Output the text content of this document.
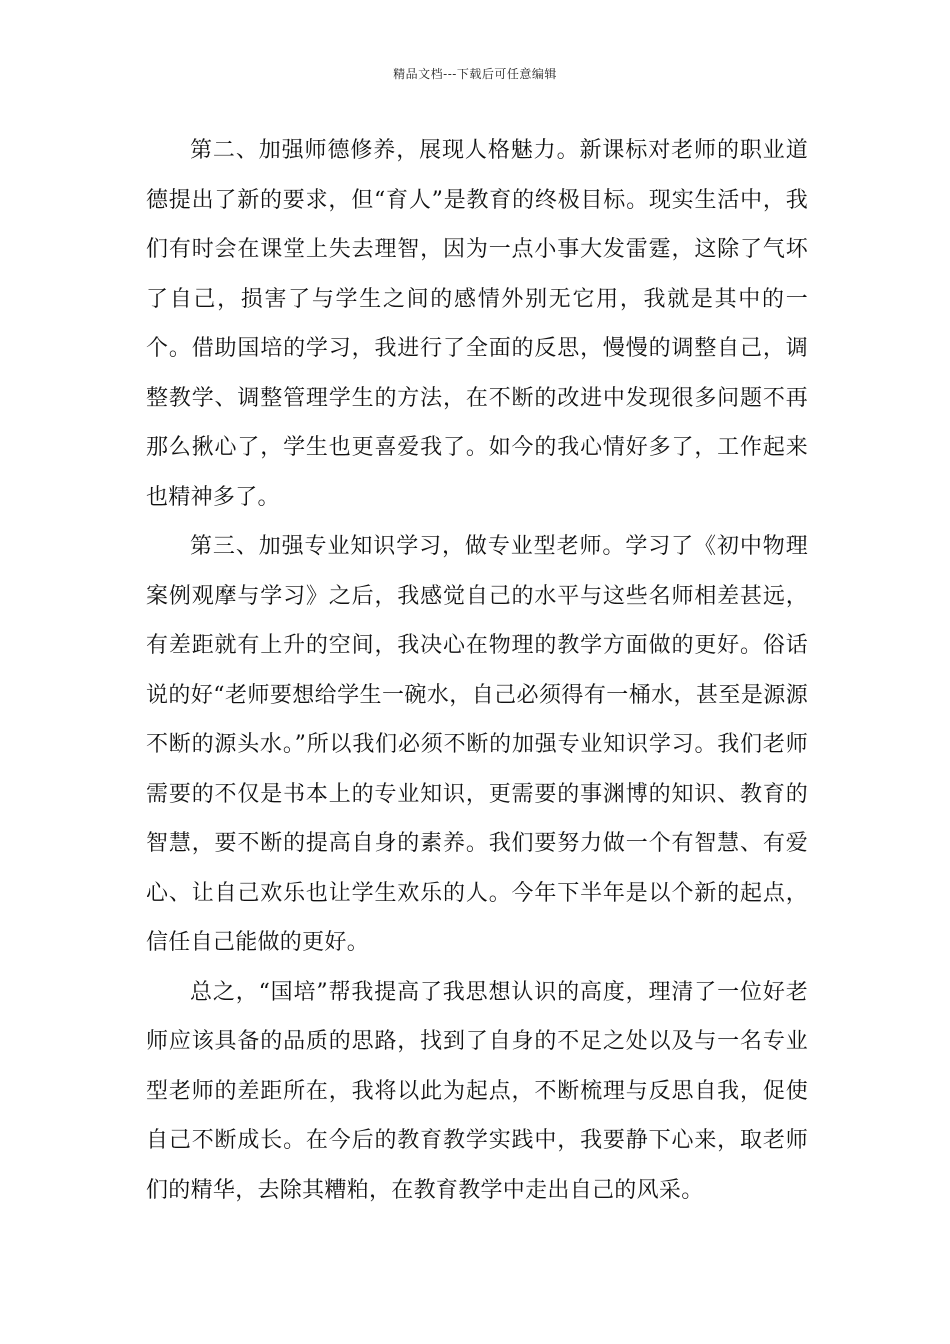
精品文档---下载后可任意编辑

第二、加强师德修养，展现人格魅力。新课标对老师的职业道德提出了新的要求，但“育人”是教育的终极目标。现实生活中，我们有时会在课堂上失去理智，因为一点小事大发雷霆，这除了气坏了自己，损害了与学生之间的感情外别无它用，我就是其中的一个。借助国培的学习，我进行了全面的反思，慢慢的调整自己，调整教学、调整管理学生的方法，在不断的改进中发现很多问题不再那么揪心了，学生也更喜爱我了。如今的我心情好多了，工作起来也精神多了。

第三、加强专业知识学习，做专业型老师。学习了《初中物理案例观摩与学习》之后，我感觉自己的水平与这些名师相差甚远，有差距就有上升的空间，我决心在物理的教学方面做的更好。俗话说的好“老师要想给学生一碗水，自己必须得有一桶水，甚至是源源不断的源头水。”所以我们必须不断的加强专业知识学习。我们老师需要的不仅是书本上的专业知识，更需要的事渊博的知识、教育的智慧，要不断的提高自身的素养。我们要努力做一个有智慧、有爱心、让自己欢乐也让学生欢乐的人。今年下半年是以个新的起点，信任自己能做的更好。

总之，“国培”帮我提高了我思想认识的高度，理清了一位好老师应该具备的品质的思路，找到了自身的不足之处以及与一名专业型老师的差距所在，我将以此为起点，不断梳理与反思自我，促使自己不断成长。在今后的教育教学实践中，我要静下心来，取老师们的精华，去除其糟粕，在教育教学中走出自己的风采。
